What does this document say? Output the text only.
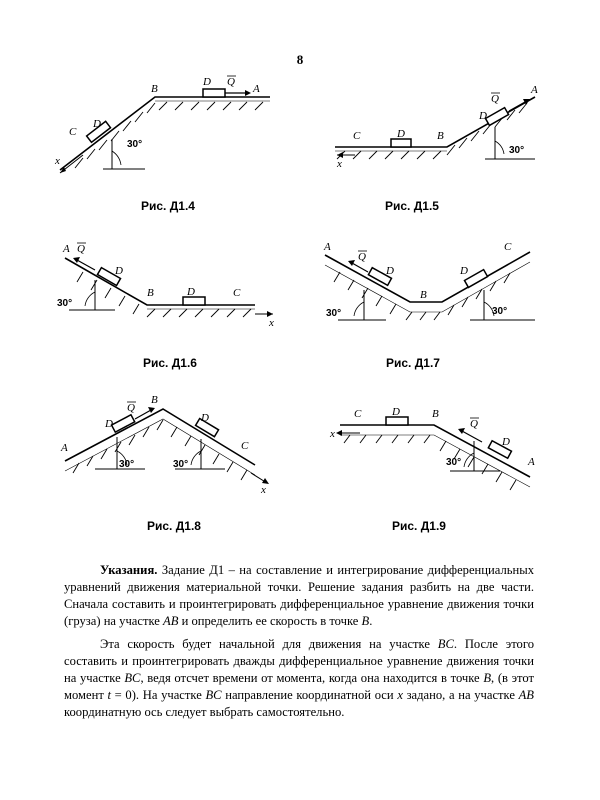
8
C
D
B
D Q
A
x
30°
Рис. Д1.4
C	D	B
D
Q
A
x
30°
Рис. Д1.5
A Q
D
B	D	C
x
30°
Рис. Д1.6
A
Q
D
B
D
C
30°	30°
Рис. Д1.7
A
D
Q
B
D
C
x
30°	30°
Рис. Д1.8
C	D	B
Q
D
A
x
30°
Рис. Д1.9

Указания. Задание Д1 – на составление и интегрирование дифференциальных уравнений движения материальной точки. Решение задания разбить на две части. Сначала составить и проинтегрировать дифференциальное уравнение движения точки (груза) на участке AB и определить ее скорость в точке B.

Эта скорость будет начальной для движения на участке BC. После этого составить и проинтегрировать дважды дифференциальное уравнение движения точки на участке BC, ведя отсчет времени от момента, когда она находится в точке B, (в этот момент t = 0). На участке BC направление координатной оси x задано, а на участке AB координатную ось следует выбрать самостоятельно.
